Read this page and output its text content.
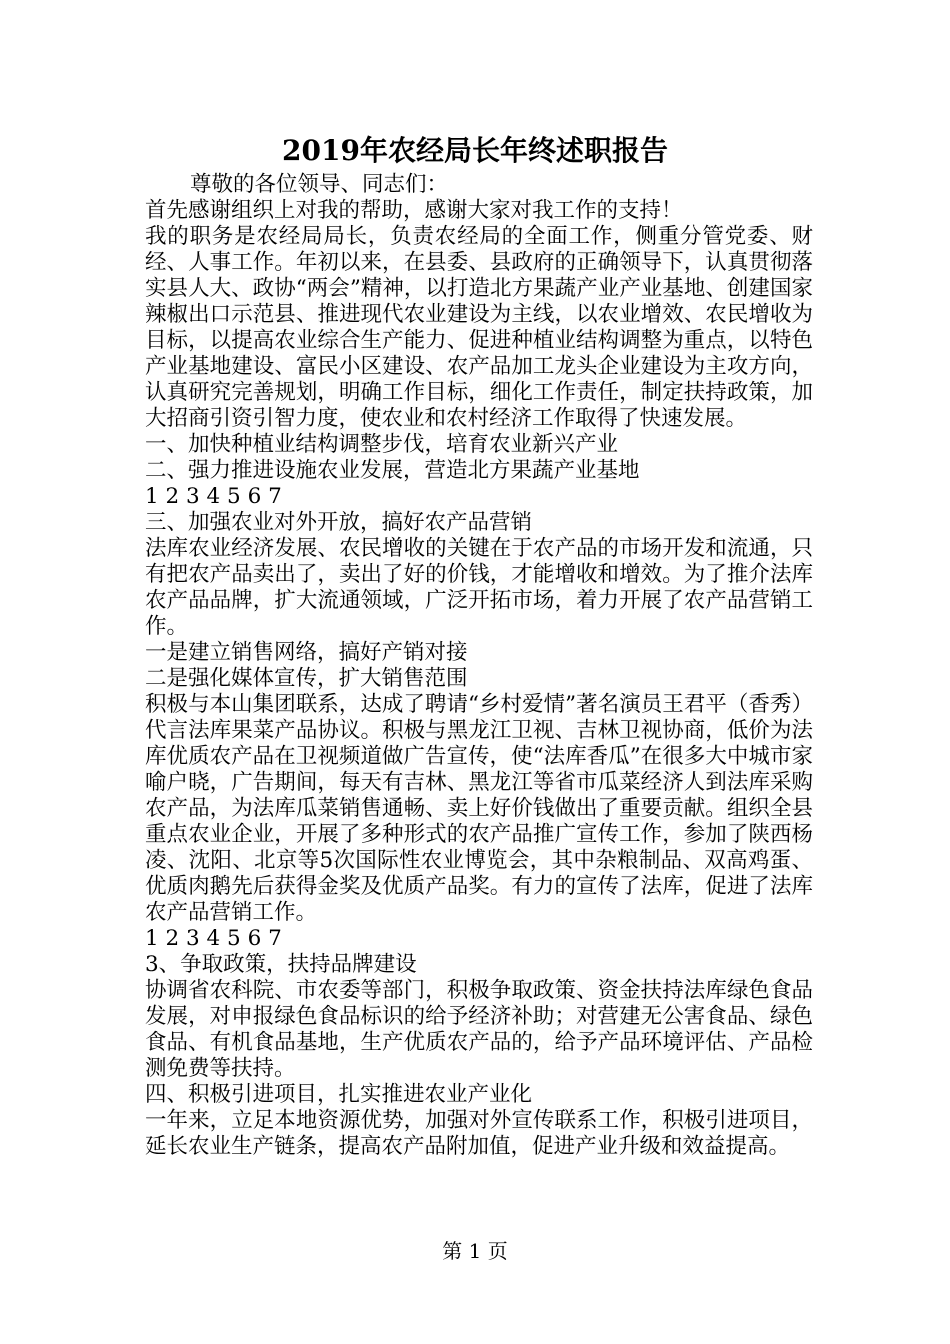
2019年农经局长年终述职报告

尊敬的各位领导、同志们：

首先感谢组织上对我的帮助，感谢大家对我工作的支持！

我的职务是农经局局长，负责农经局的全面工作，侧重分管党委、财经、人事工作。年初以来，在县委、县政府的正确领导下，认真贯彻落实县人大、政协“两会”精神，以打造北方果蔬产业产业基地、创建国家辣椒出口示范县、推进现代农业建设为主线，以农业增效、农民增收为目标，以提高农业综合生产能力、促进种植业结构调整为重点，以特色产业基地建设、富民小区建设、农产品加工龙头企业建设为主攻方向，认真研究完善规划，明确工作目标，细化工作责任，制定扶持政策，加大招商引资引智力度，使农业和农村经济工作取得了快速发展。

一、加快种植业结构调整步伐，培育农业新兴产业

二、强力推进设施农业发展，营造北方果蔬产业基地

1 2 3 4 5 6 7

三、加强农业对外开放，搞好农产品营销

法库农业经济发展、农民增收的关键在于农产品的市场开发和流通，只有把农产品卖出了，卖出了好的价钱，才能增收和增效。为了推介法库农产品品牌，扩大流通领域，广泛开拓市场，着力开展了农产品营销工作。

一是建立销售网络，搞好产销对接

二是强化媒体宣传，扩大销售范围

积极与本山集团联系，达成了聘请“乡村爱情”著名演员王君平（香秀）代言法库果菜产品协议。积极与黑龙江卫视、吉林卫视协商，低价为法库优质农产品在卫视频道做广告宣传，使“法库香瓜”在很多大中城市家喻户晓，广告期间，每天有吉林、黑龙江等省市瓜菜经济人到法库采购农产品，为法库瓜菜销售通畅、卖上好价钱做出了重要贡献。组织全县重点农业企业，开展了多种形式的农产品推广宣传工作，参加了陕西杨凌、沈阳、北京等5次国际性农业博览会，其中杂粮制品、双高鸡蛋、优质肉鹅先后获得金奖及优质产品奖。有力的宣传了法库，促进了法库农产品营销工作。

1 2 3 4 5 6 7

3、争取政策，扶持品牌建设

协调省农科院、市农委等部门，积极争取政策、资金扶持法库绿色食品发展，对申报绿色食品标识的给予经济补助；对营建无公害食品、绿色食品、有机食品基地，生产优质农产品的，给予产品环境评估、产品检测免费等扶持。

四、积极引进项目，扎实推进农业产业化

一年来，立足本地资源优势，加强对外宣传联系工作，积极引进项目，延长农业生产链条，提高农产品附加值，促进产业升级和效益提高。

第 1 页
